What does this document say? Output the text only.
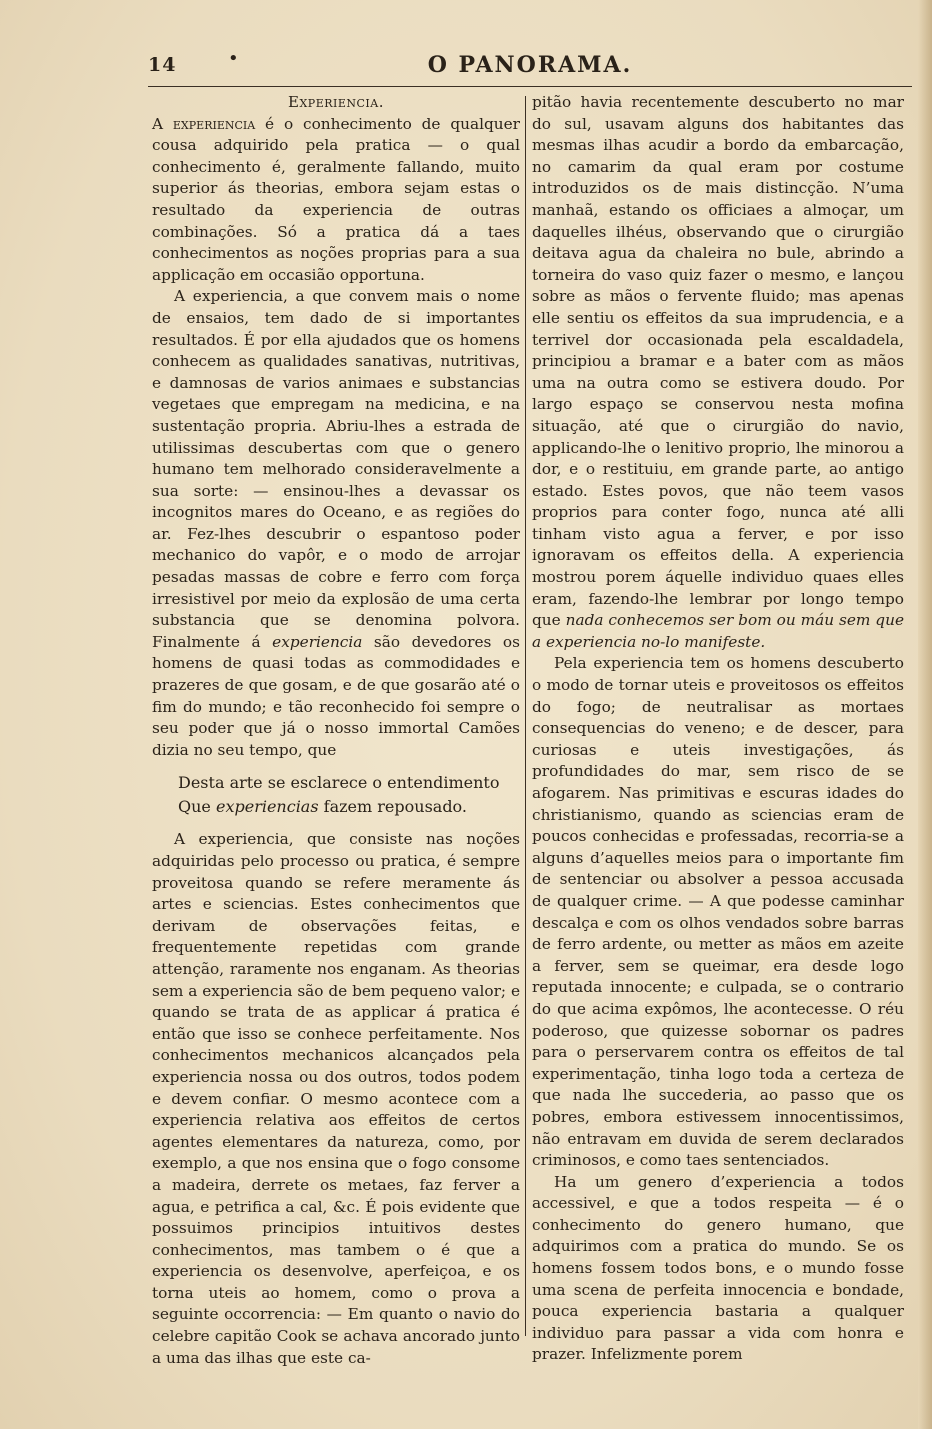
14	•	O PANORAMA.

Experiencia.

A experiencia é o conhecimento de qualquer cousa adquirido pela pratica — o qual conhecimento é, geralmente fallando, muito superior ás theorias, embora sejam estas o resultado da experiencia de outras combinações. Só a pratica dá a taes conhecimentos as noções proprias para a sua applicação em occasião opportuna.

A experiencia, a que convem mais o nome de ensaios, tem dado de si importantes resultados. É por ella ajudados que os homens conhecem as qualidades sanativas, nutritivas, e damnosas de varios animaes e substancias vegetaes que empregam na medicina, e na sustentação propria. Abriu-lhes a estrada de utilissimas descubertas com que o genero humano tem melhorado consideravelmente a sua sorte: — ensinou-lhes a devassar os incognitos mares do Oceano, e as regiões do ar. Fez-lhes descubrir o espantoso poder mechanico do vapôr, e o modo de arrojar pesadas massas de cobre e ferro com força irresistivel por meio da explosão de uma certa substancia que se denomina polvora. Finalmente á experiencia são devedores os homens de quasi todas as commodidades e prazeres de que gosam, e de que gosarão até o fim do mundo; e tão reconhecido foi sempre o seu poder que já o nosso immortal Camões dizia no seu tempo, que

Desta arte se esclarece o entendimento
Que experiencias fazem repousado.

A experiencia, que consiste nas noções adquiridas pelo processo ou pratica, é sempre proveitosa quando se refere meramente ás artes e sciencias. Estes conhecimentos que derivam de observações feitas, e frequentemente repetidas com grande attenção, raramente nos enganam. As theorias sem a experiencia são de bem pequeno valor; e quando se trata de as applicar á pratica é então que isso se conhece perfeitamente. Nos conhecimentos mechanicos alcançados pela experiencia nossa ou dos outros, todos podem e devem confiar. O mesmo acontece com a experiencia relativa aos effeitos de certos agentes elementares da natureza, como, por exemplo, a que nos ensina que o fogo consome a madeira, derrete os metaes, faz ferver a agua, e petrifica a cal, &c. É pois evidente que possuimos principios intuitivos destes conhecimentos, mas tambem o é que a experiencia os desenvolve, aperfeiçoa, e os torna uteis ao homem, como o prova a seguinte occorrencia: — Em quanto o navio do celebre capitão Cook se achava ancorado junto a uma das ilhas que este ca-

pitão havia recentemente descuberto no mar do sul, usavam alguns dos habitantes das mesmas ilhas acudir a bordo da embarcação, no camarim da qual eram por costume introduzidos os de mais distincção. N’uma manhaã, estando os officiaes a almoçar, um daquelles ilhéus, observando que o cirurgião deitava agua da chaleira no bule, abrindo a torneira do vaso quiz fazer o mesmo, e lançou sobre as mãos o fervente fluido; mas apenas elle sentiu os effeitos da sua imprudencia, e a terrivel dor occasionada pela escaldadela, principiou a bramar e a bater com as mãos uma na outra como se estivera doudo. Por largo espaço se conservou nesta mofina situação, até que o cirurgião do navio, applicando-lhe o lenitivo proprio, lhe minorou a dor, e o restituiu, em grande parte, ao antigo estado. Estes povos, que não teem vasos proprios para conter fogo, nunca até alli tinham visto agua a ferver, e por isso ignoravam os effeitos della. A experiencia mostrou porem áquelle individuo quaes elles eram, fazendo-lhe lembrar por longo tempo que nada conhecemos ser bom ou máu sem que a experiencia no-lo manifeste.

Pela experiencia tem os homens descuberto o modo de tornar uteis e proveitosos os effeitos do fogo; de neutralisar as mortaes consequencias do veneno; e de descer, para curiosas e uteis investigações, ás profundidades do mar, sem risco de se afogarem. Nas primitivas e escuras idades do christianismo, quando as sciencias eram de poucos conhecidas e professadas, recorria-se a alguns d’aquelles meios para o importante fim de sentenciar ou absolver a pessoa accusada de qualquer crime. — A que podesse caminhar descalça e com os olhos vendados sobre barras de ferro ardente, ou metter as mãos em azeite a ferver, sem se queimar, era desde logo reputada innocente; e culpada, se o contrario do que acima expômos, lhe acontecesse. O réu poderoso, que quizesse sobornar os padres para o perservarem contra os effeitos de tal experimentação, tinha logo toda a certeza de que nada lhe succederia, ao passo que os pobres, embora estivessem innocentissimos, não entravam em duvida de serem declarados criminosos, e como taes sentenciados.

Ha um genero d’experiencia a todos accessivel, e que a todos respeita — é o conhecimento do genero humano, que adquirimos com a pratica do mundo. Se os homens fossem todos bons, e o mundo fosse uma scena de perfeita innocencia e bondade, pouca experiencia bastaria a qualquer individuo para passar a vida com honra e prazer. Infelizmente porem
